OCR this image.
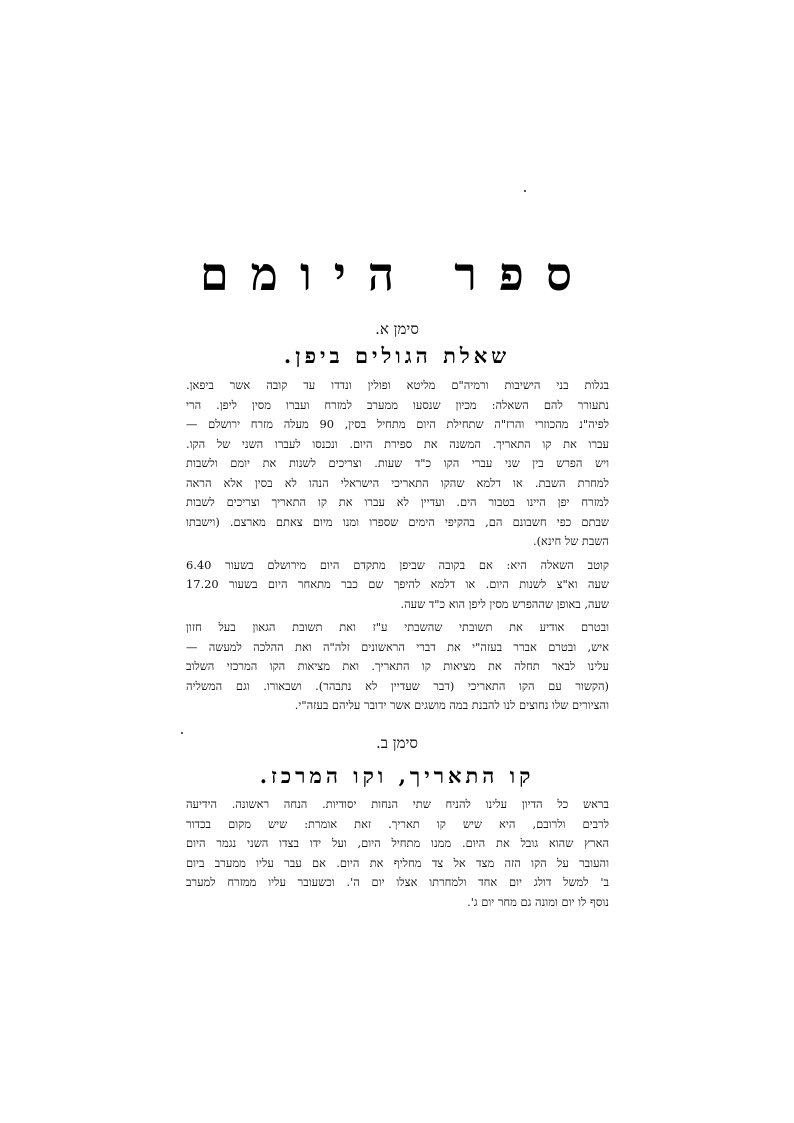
ספר היומם
סימן א.
שאלת הגולים ביפן.
בגלות בני הישיבות ורמיה"ם מליטא ופולין ונדדו עד קובה אשר ביפאן.
נתעורר להם השאלה: מכיון שנסעו ממערב למזרח ועברו מסין ליפן. הרי
לפיה"נ מהכוזרי והרז"ה שתחילת היום מתחיל בסין, 90 מעלה מזרח ירושלם —
עברו את קו התאריך. המשנה את ספירת היום. ונכנסו לעברו השני של הקו.
ויש הפרש בין שני עברי הקו כ"ד שעות. וצריכים לשנות את יומם ולשבות
למחרת השבת. או דלמא שהקו התאריכי הישראלי הנהו לא בסין אלא הראה
למזרח יפן היינו בטבור הים. ועדיין לא עברו את קו התאריך וצריכים לשבות
שבתם כפי חשבונם הם, בהקיפי הימים שספרו ומנו מיום צאתם מארצם. (וישבתו
השבת של חינא).
קוטב השאלה היא: אם בקובה שביפן מתקדם היום מירושלם בשעור 6.40
שעה וא"צ לשנות היום. או דלמא להיפך שם כבר מתאחר היום בשעור 17.20
שעה, באופן שההפרש מסין ליפן הוא כ"ד שעה.
ובטרם אודיע את תשובתי שהשבתי ע"ז ואת תשובת הגאון בעל חזון
איש, ובטרם אברר בעזה"י את דברי הראשונים זלה"ה ואת ההלכה למעשה —
עלינו לבאר תחלה את מציאות קו התאריך. ואת מציאות הקו המרכזי השלוב
(הקשור עם הקו התאריכי (דבר שעדיין לא נתבהר). ושבאורו. וגם המשליה
והציורים שלו נחוצים לנו להבנת במה מושגים אשר ידובר עליהם בעזה"י.
סימן ב.
קו התאריך, וקו המרכז.
בראש כל הדיון עלינו להניח שתי הנחות יסודיות. הנחה ראשונה. הידיעה
לרבים ולרובם, היא שיש קו תאריך. זאת אומרת: שיש מקום בכדור
הארץ שהוא גובל את היום. ממנו מתחיל היום, ועל ידו בצדו השני נגמר היום
והעובר על הקו הזה מצד אל צד מחליף את היום. אם עבר עליו ממערב ביום
ב' למשל דולג יום אחד ולמחרתו אצלו יום ה'. וכשעובר עליו ממזרח למערב
נוסף לו יום ומונה גם מחר יום ג'.
